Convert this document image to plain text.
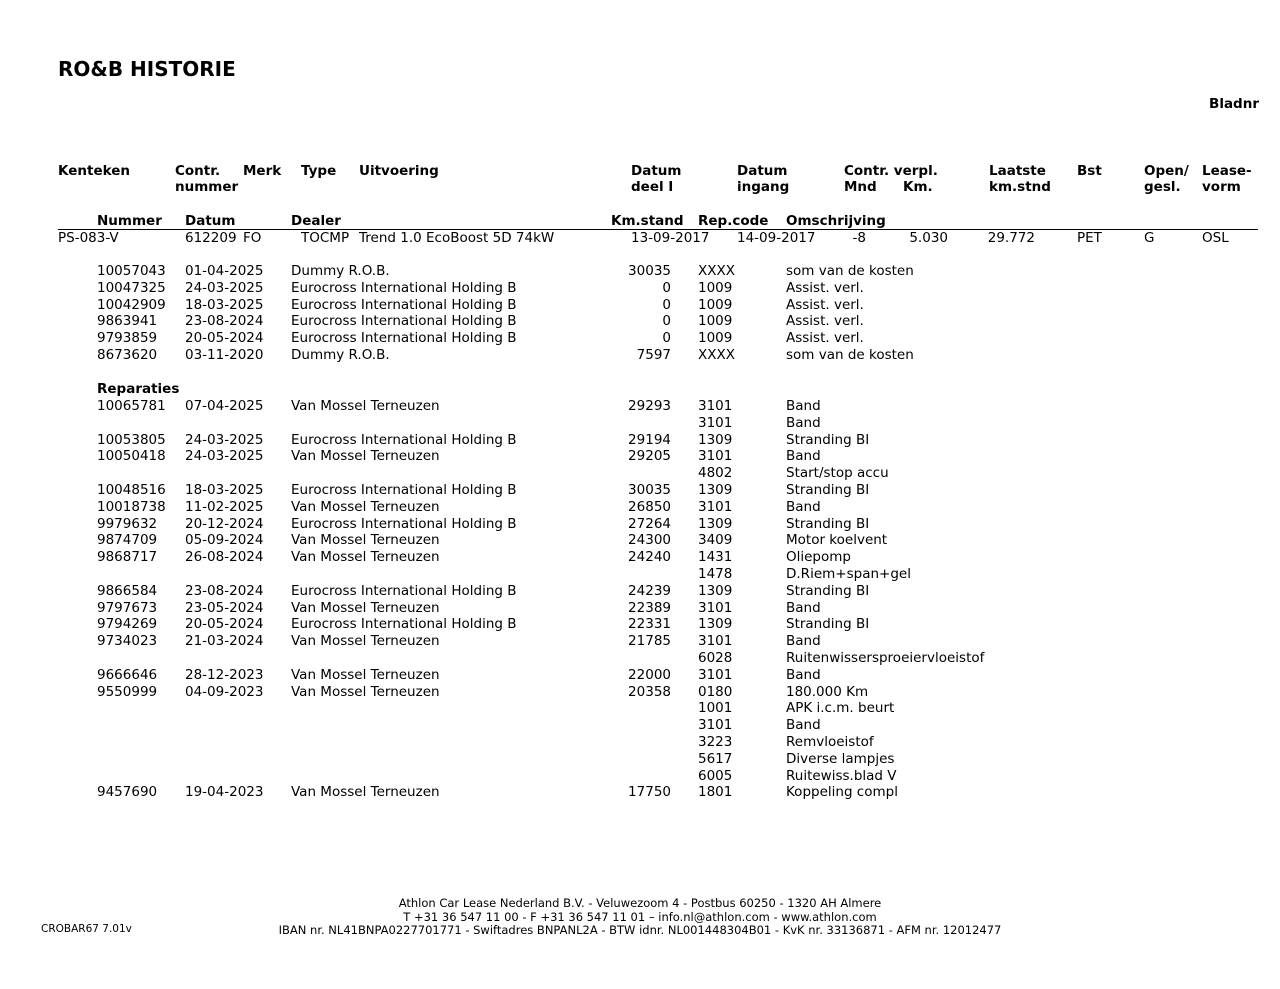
RO&B HISTORIE
Bladnr
Kenteken	Contr.
nummer
Merk Type Uitvoering	Datum
deel I
Datum
ingang
Contr. verpl.
Mnd Km.
Laatste
km.stnd
Bst	Open/
gesl.
Lease-
vorm
Nummer Datum	Dealer	Km.stand Rep.code Omschrijving
PS-083-V	612209 FO	TOCMP Trend 1.0 EcoBoost 5D 74kW	13-09-2017 14-09-2017	-8	5.030	29.772	PET	G	OSL
10057043 01-04-2025 Dummy R.O.B.	30035 XXXX	som van de kosten
10047325 24-03-2025 Eurocross International Holding B	0 1009	Assist. verl.
10042909 18-03-2025 Eurocross International Holding B	0 1009	Assist. verl.
9863941 23-08-2024 Eurocross International Holding B	0 1009	Assist. verl.
9793859 20-05-2024 Eurocross International Holding B	0 1009	Assist. verl.
8673620 03-11-2020 Dummy R.O.B.	7597 XXXX	som van de kosten
Reparaties
10065781 07-04-2025 Van Mossel Terneuzen	29293 3101	Band
3101	Band
10053805 24-03-2025 Eurocross International Holding B	29194 1309	Stranding BI
10050418 24-03-2025 Van Mossel Terneuzen	29205 3101	Band
4802	Start/stop accu
10048516 18-03-2025 Eurocross International Holding B	30035 1309	Stranding BI
10018738 11-02-2025 Van Mossel Terneuzen	26850 3101	Band
9979632 20-12-2024 Eurocross International Holding B	27264 1309	Stranding BI
9874709 05-09-2024 Van Mossel Terneuzen	24300 3409	Motor koelvent
9868717 26-08-2024 Van Mossel Terneuzen	24240 1431	Oliepomp
1478	D.Riem+span+gel
9866584 23-08-2024 Eurocross International Holding B	24239 1309	Stranding BI
9797673 23-05-2024 Van Mossel Terneuzen	22389 3101	Band
9794269 20-05-2024 Eurocross International Holding B	22331 1309	Stranding BI
9734023 21-03-2024 Van Mossel Terneuzen	21785 3101	Band
6028	Ruitenwissersproeiervloeistof
9666646 28-12-2023 Van Mossel Terneuzen	22000 3101	Band
9550999 04-09-2023 Van Mossel Terneuzen	20358 0180	180.000 Km
1001	APK i.c.m. beurt
3101	Band
3223	Remvloeistof
5617	Diverse lampjes
6005	Ruitewiss.blad V
9457690 19-04-2023 Van Mossel Terneuzen	17750 1801	Koppeling compl
Athlon Car Lease Nederland B.V. - Veluwezoom 4 - Postbus 60250 - 1320 AH Almere
T +31 36 547 11 00 - F +31 36 547 11 01 – info.nl@athlon.com - www.athlon.com
IBAN nr. NL41BNPA0227701771 - Swiftadres BNPANL2A - BTW idnr. NL001448304B01 - KvK nr. 33136871 - AFM nr. 12012477
CROBAR67 7.01v
